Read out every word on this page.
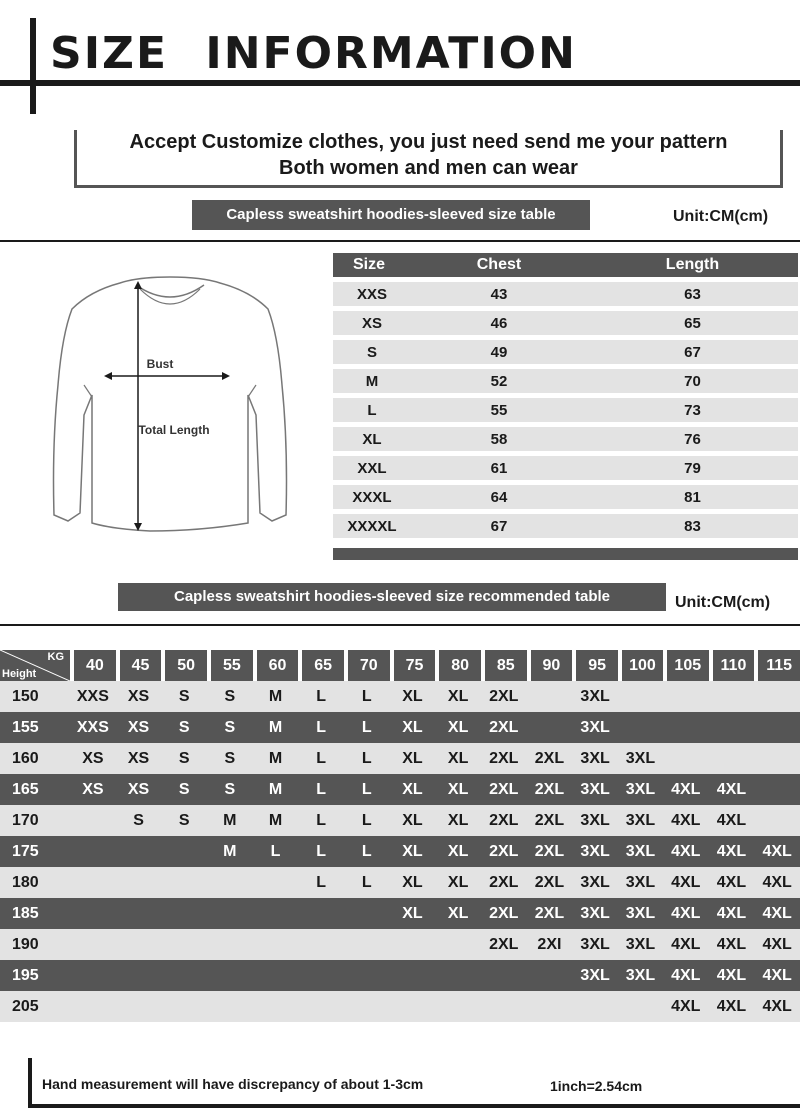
SIZE INFORMATION
Accept Customize clothes, you just need send me your pattern
Both women and men can wear
Capless sweatshirt hoodies-sleeved size table	Unit:CM(cm)
Bust
Total Length
Size	Chest	Length
XXS	43	63
XS	46	65
S	49	67
M	52	70
L	55	73
XL	58	76
XXL	61	79
XXXL	64	81
XXXXL	67	83
Capless sweatshirt hoodies-sleeved size recommended table	Unit:CM(cm)
KG
Height	40	45	50	55	60	65	70	75	80	85	90	95	100	105	110	115
150	XXS	XS	S	S	M	L	L	XL	XL	2XL		3XL				
155	XXS	XS	S	S	M	L	L	XL	XL	2XL		3XL				
160	XS	XS	S	S	M	L	L	XL	XL	2XL	2XL	3XL	3XL			
165	XS	XS	S	S	M	L	L	XL	XL	2XL	2XL	3XL	3XL	4XL	4XL	
170		S	S	M	M	L	L	XL	XL	2XL	2XL	3XL	3XL	4XL	4XL	
175				M	L	L	L	XL	XL	2XL	2XL	3XL	3XL	4XL	4XL	4XL
180						L	L	XL	XL	2XL	2XL	3XL	3XL	4XL	4XL	4XL
185								XL	XL	2XL	2XL	3XL	3XL	4XL	4XL	4XL
190										2XL	2XI	3XL	3XL	4XL	4XL	4XL
195												3XL	3XL	4XL	4XL	4XL
205														4XL	4XL	4XL
Hand measurement will have discrepancy of about 1-3cm	1inch=2.54cm
